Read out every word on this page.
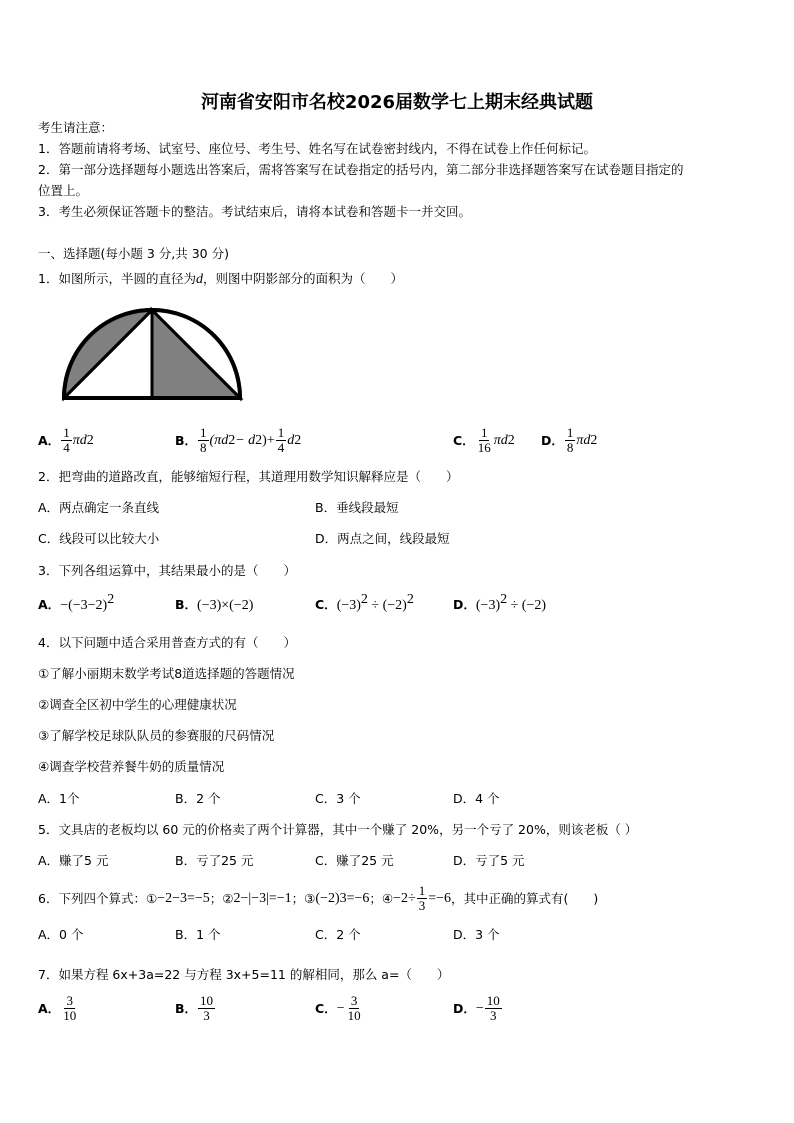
河南省安阳市名校2026届数学七上期末经典试题
考生请注意：
1．答题前请将考场、试室号、座位号、考生号、姓名写在试卷密封线内，不得在试卷上作任何标记。
2．第一部分选择题每小题选出答案后，需将答案写在试卷指定的括号内，第二部分非选择题答案写在试卷题目指定的
位置上。
3．考生必须保证答题卡的整洁。考试结束后，请将本试卷和答题卡一并交回。
一、选择题(每小题 3 分,共 30 分)
1．如图所示，半圆的直径为d，则图中阴影部分的面积为（　　）
A． $\frac{1}{4}$ πd 2	B． $\frac{1}{8} (\pi d$ 2 − d 2 )+ $\frac{1}{4}$ d 2	C． $\frac{1}{16}$ πd 2 D． $\frac{1}{8}$ πd 2
2．把弯曲的道路改直，能够缩短行程，其道理用数学知识解释应是（　　）
A．两点确定一条直线	B．垂线段最短
C．线段可以比较大小	D．两点之间，线段最短
3．下列各组运算中，其结果最小的是（　　）
A．$-(-3-2)^2$	B．(−3)×(−2)	C．$(-3)^2 \div (-2)^2$	D．$(-3)^2 \div (-2)$
4．以下问题中适合采用普查方式的有（　　）
①了解小丽期末数学考试8道选择题的答题情况
②调查全区初中学生的心理健康状况
③了解学校足球队队员的参赛服的尺码情况
④调查学校营养餐牛奶的质量情况
A．1个	B．2 个	C．3 个	D．4 个
5．文具店的老板均以 60 元的价格卖了两个计算器，其中一个赚了 20%，另一个亏了 20%，则该老板（ ）
A．赚了5 元	B．亏了25 元	C．赚了25 元	D．亏了5 元
6．下列四个算式：① −2−3=−5 ；② 2−|−3|=−1 ；③ (−2) 3 =−6 ；④ $-2\div \frac{1}{3} =-6$ ，其中正确的算式有(　　)
A．0 个	B．1 个	C．2 个	D．3 个
7．如果方程 6x+3a=22 与方程 3x+5=11 的解相同，那么 a=（　　）
A． $\frac{3}{10}$	B． $\frac{10}{3}$	C． − $\frac{3}{10}$	D． − $\frac{10}{3}$
